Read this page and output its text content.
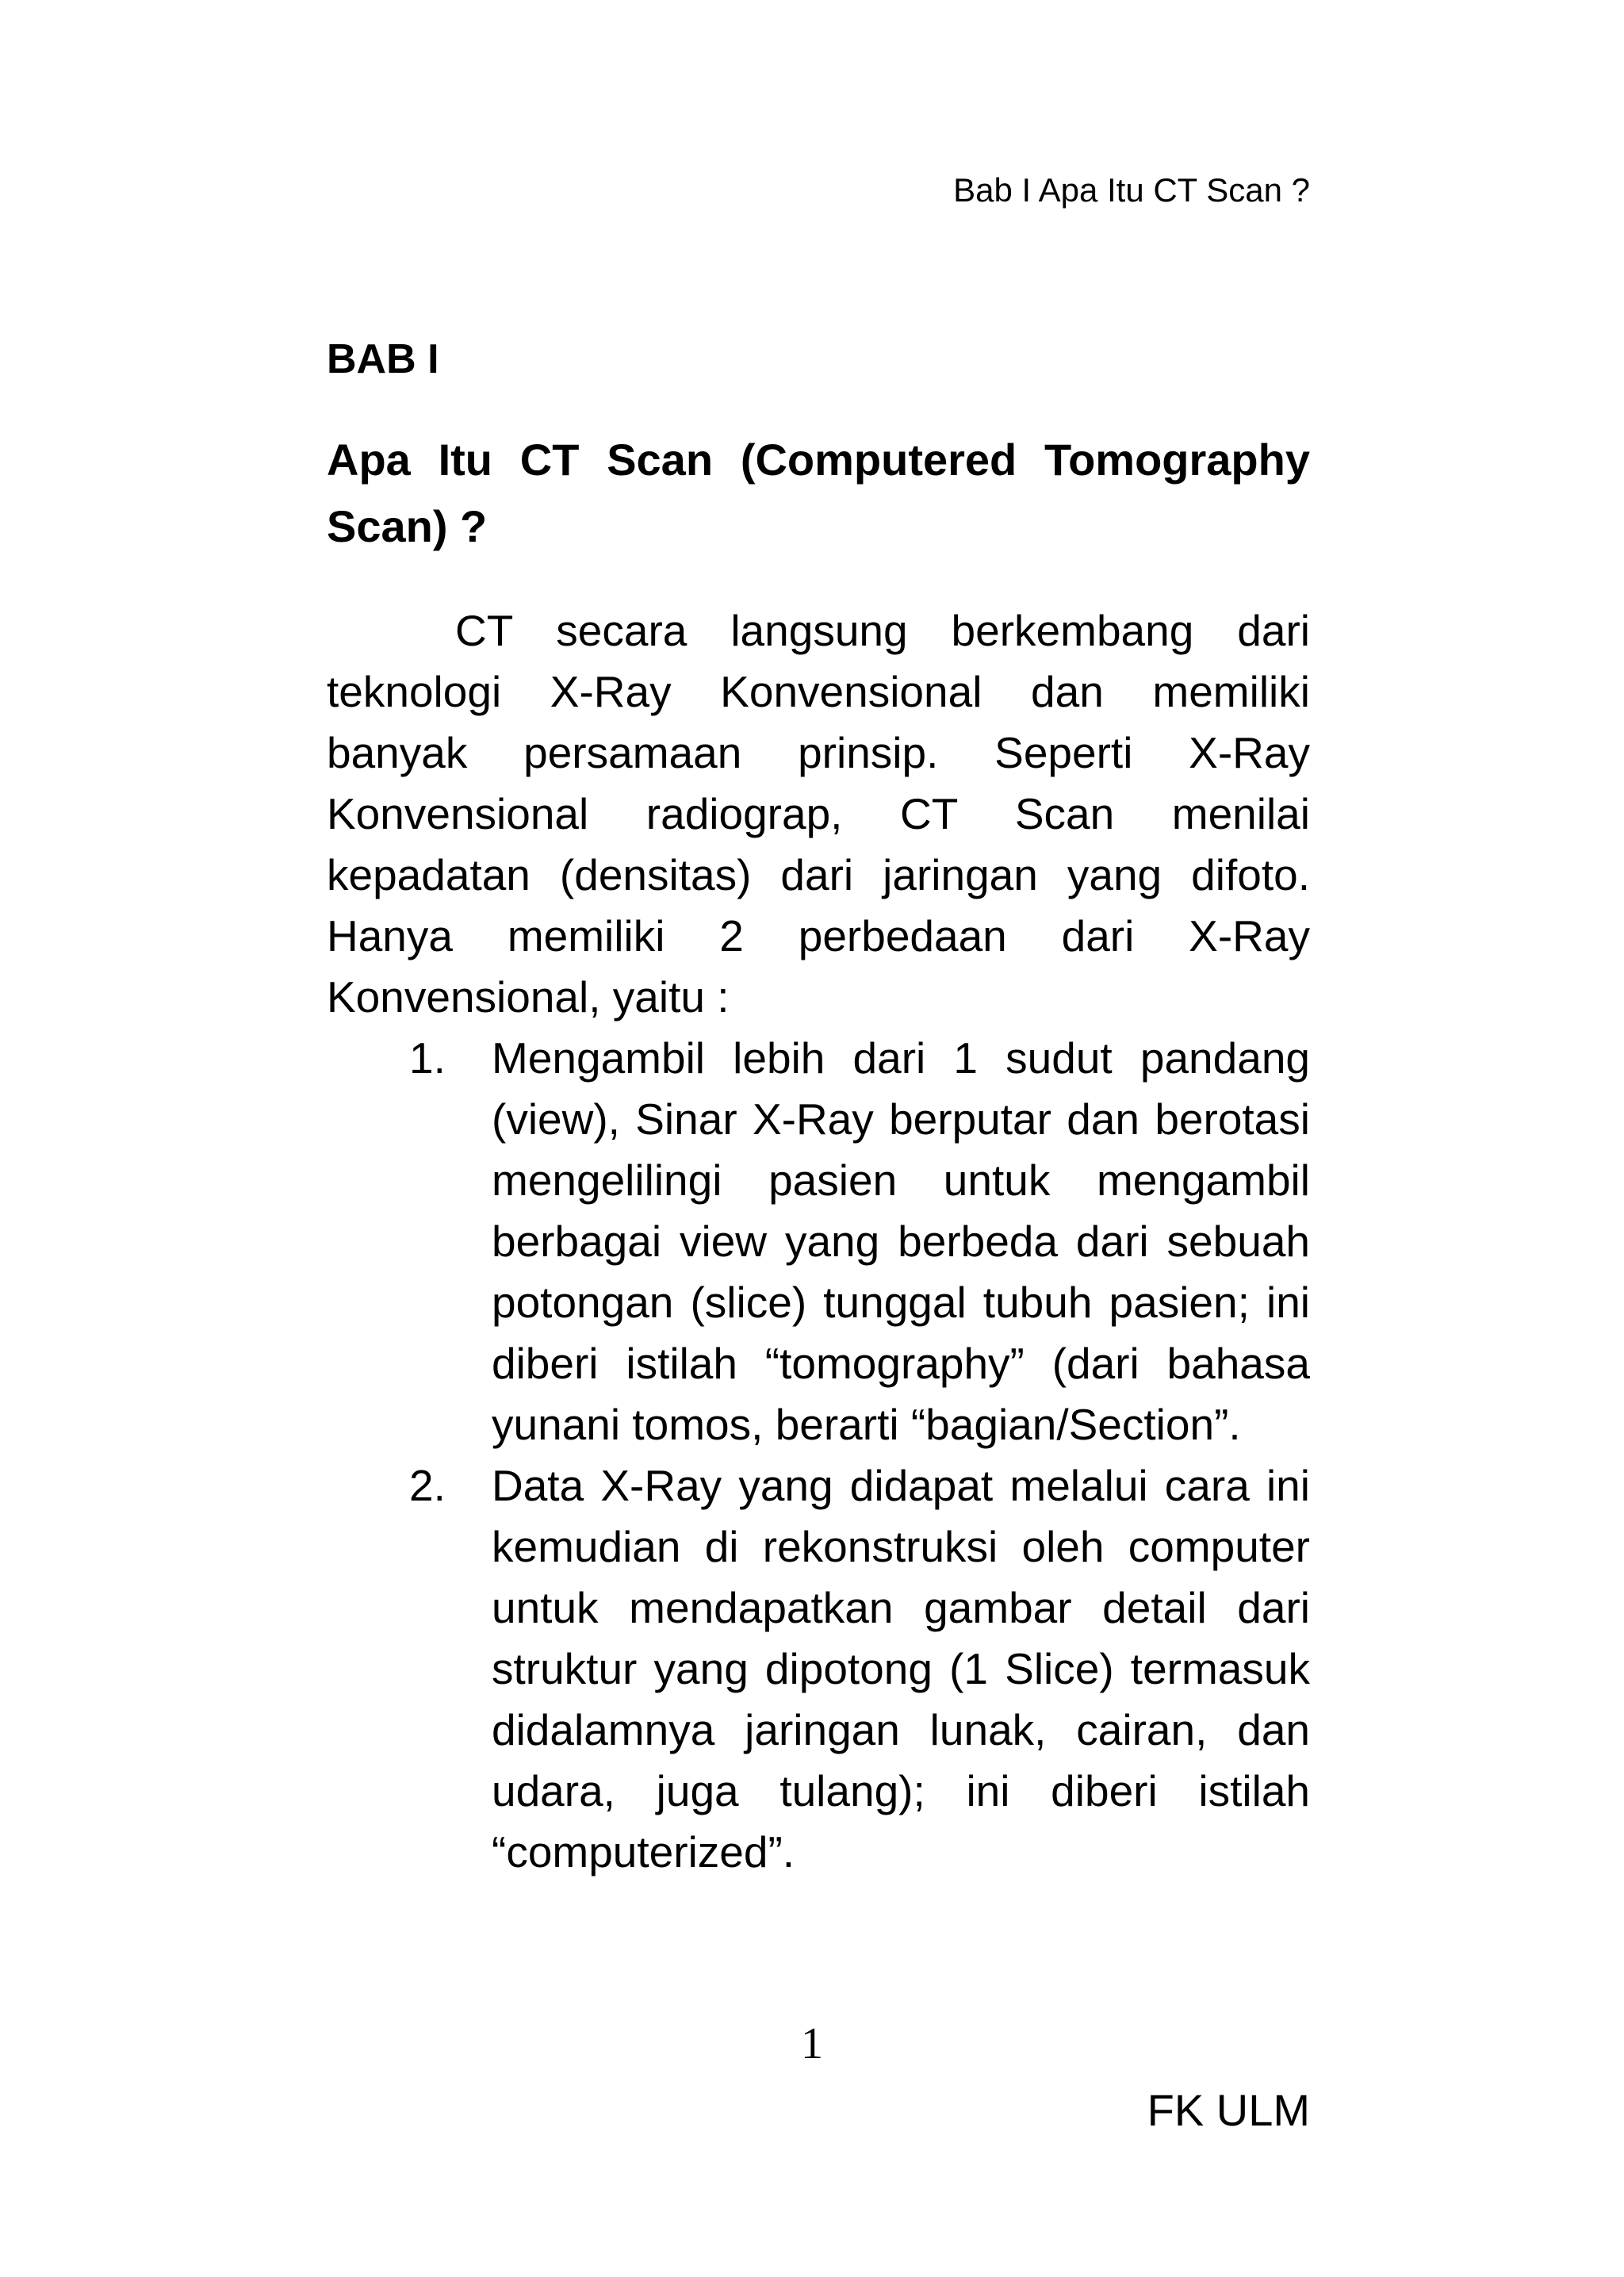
Bab I Apa Itu CT Scan ?
BAB I
Apa Itu CT Scan (Computered Tomography Scan) ?

CT secara langsung berkembang dari teknologi X-Ray Konvensional dan memiliki banyak persamaan prinsip. Seperti X-Ray Konvensional radiograp, CT Scan menilai kepadatan (densitas) dari jaringan yang difoto. Hanya memiliki 2 perbedaan dari X-Ray Konvensional, yaitu :

1. Mengambil lebih dari 1 sudut pandang (view), Sinar X-Ray berputar dan berotasi mengelilingi pasien untuk mengambil berbagai view yang berbeda dari sebuah potongan (slice) tunggal tubuh pasien; ini diberi istilah “tomography” (dari bahasa yunani tomos, berarti “bagian/Section”.
2. Data X-Ray yang didapat melalui cara ini kemudian di rekonstruksi oleh computer untuk mendapatkan gambar detail dari struktur yang dipotong (1 Slice) termasuk didalamnya jaringan lunak, cairan, dan udara, juga tulang); ini diberi istilah “computerized”.
1
FK ULM
